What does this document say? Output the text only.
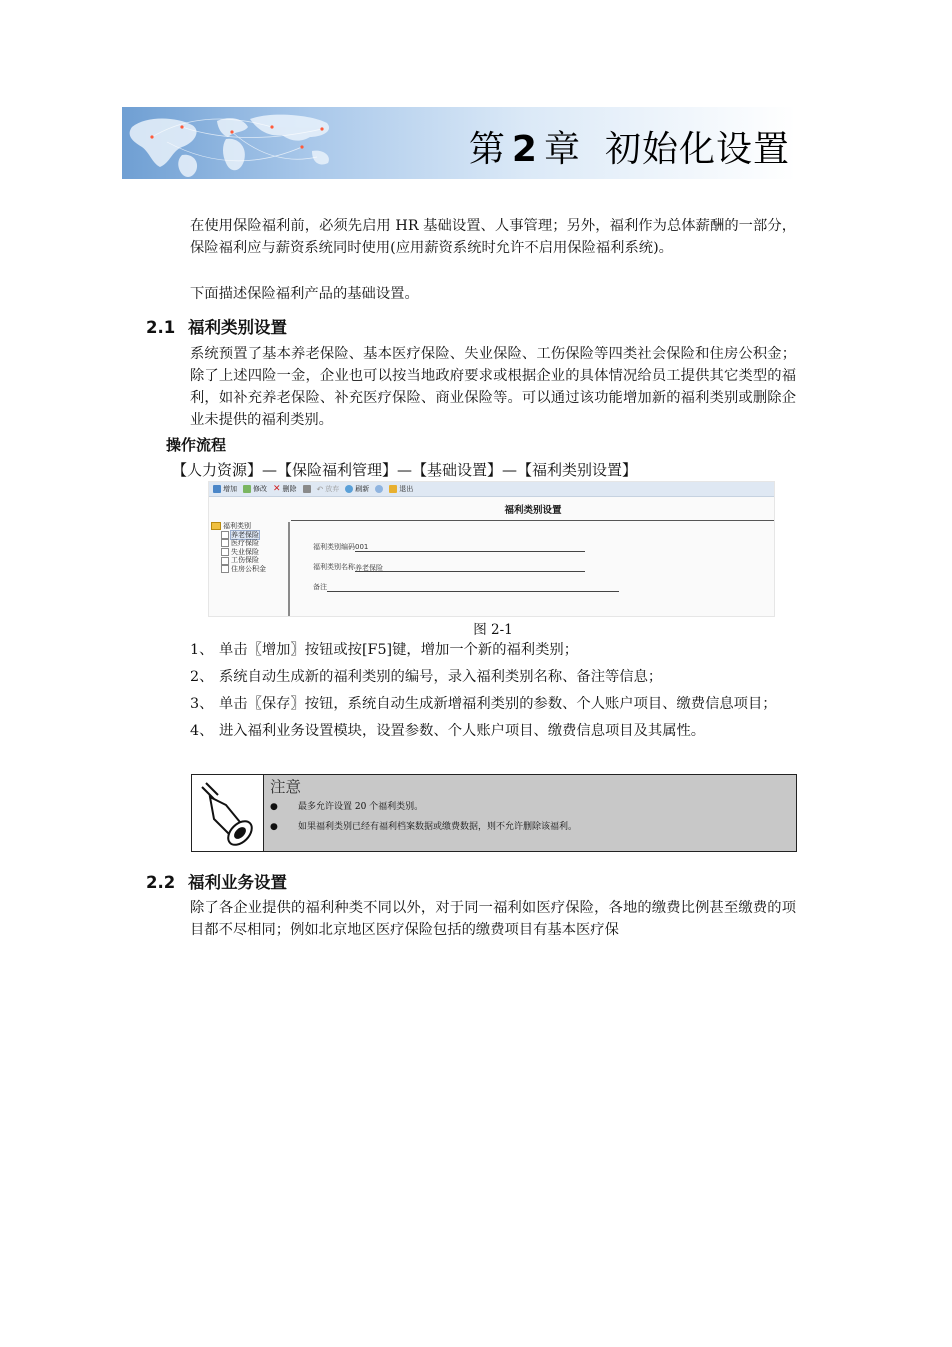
第 2 章 初始化设置
在使用保险福利前，必须先启用 HR 基础设置、人事管理；另外，福利作为总体薪酬的一部分，保险福利应与薪资系统同时使用(应用薪资系统时允许不启用保险福利系统)。
下面描述保险福利产品的基础设置。
2.1 福利类别设置
系统预置了基本养老保险、基本医疗保险、失业保险、工伤保险等四类社会保险和住房公积金；除了上述四险一金，企业也可以按当地政府要求或根据企业的具体情况给员工提供其它类型的福利，如补充养老保险、补充医疗保险、商业保险等。可以通过该功能增加新的福利类别或删除企业未提供的福利类别。
操作流程
【人力资源】—【保险福利管理】—【基础设置】—【福利类别设置】
增加 修改 ✕ 删除	↶ 放弃 刷新	退出
福利类别设置
福利类别
养老保险
医疗保险
失业保险
工伤保险
住房公积金
福利类别编码001
福利类别名称养老保险
备注
图 2-1
1、 单击〖增加〗按钮或按[F5]键，增加一个新的福利类别；
2、 系统自动生成新的福利类别的编号，录入福利类别名称、备注等信息；
3、 单击〖保存〗按钮，系统自动生成新增福利类别的参数、个人账户项目、缴费信息项目；
4、 进入福利业务设置模块，设置参数、个人账户项目、缴费信息项目及其属性。
注意
●	最多允许设置 20 个福利类别。
●	如果福利类别已经有福利档案数据或缴费数据，则不允许删除该福利。
2.2 福利业务设置
除了各企业提供的福利种类不同以外，对于同一福利如医疗保险，各地的缴费比例甚至缴费的项目都不尽相同；例如北京地区医疗保险包括的缴费项目有基本医疗保
